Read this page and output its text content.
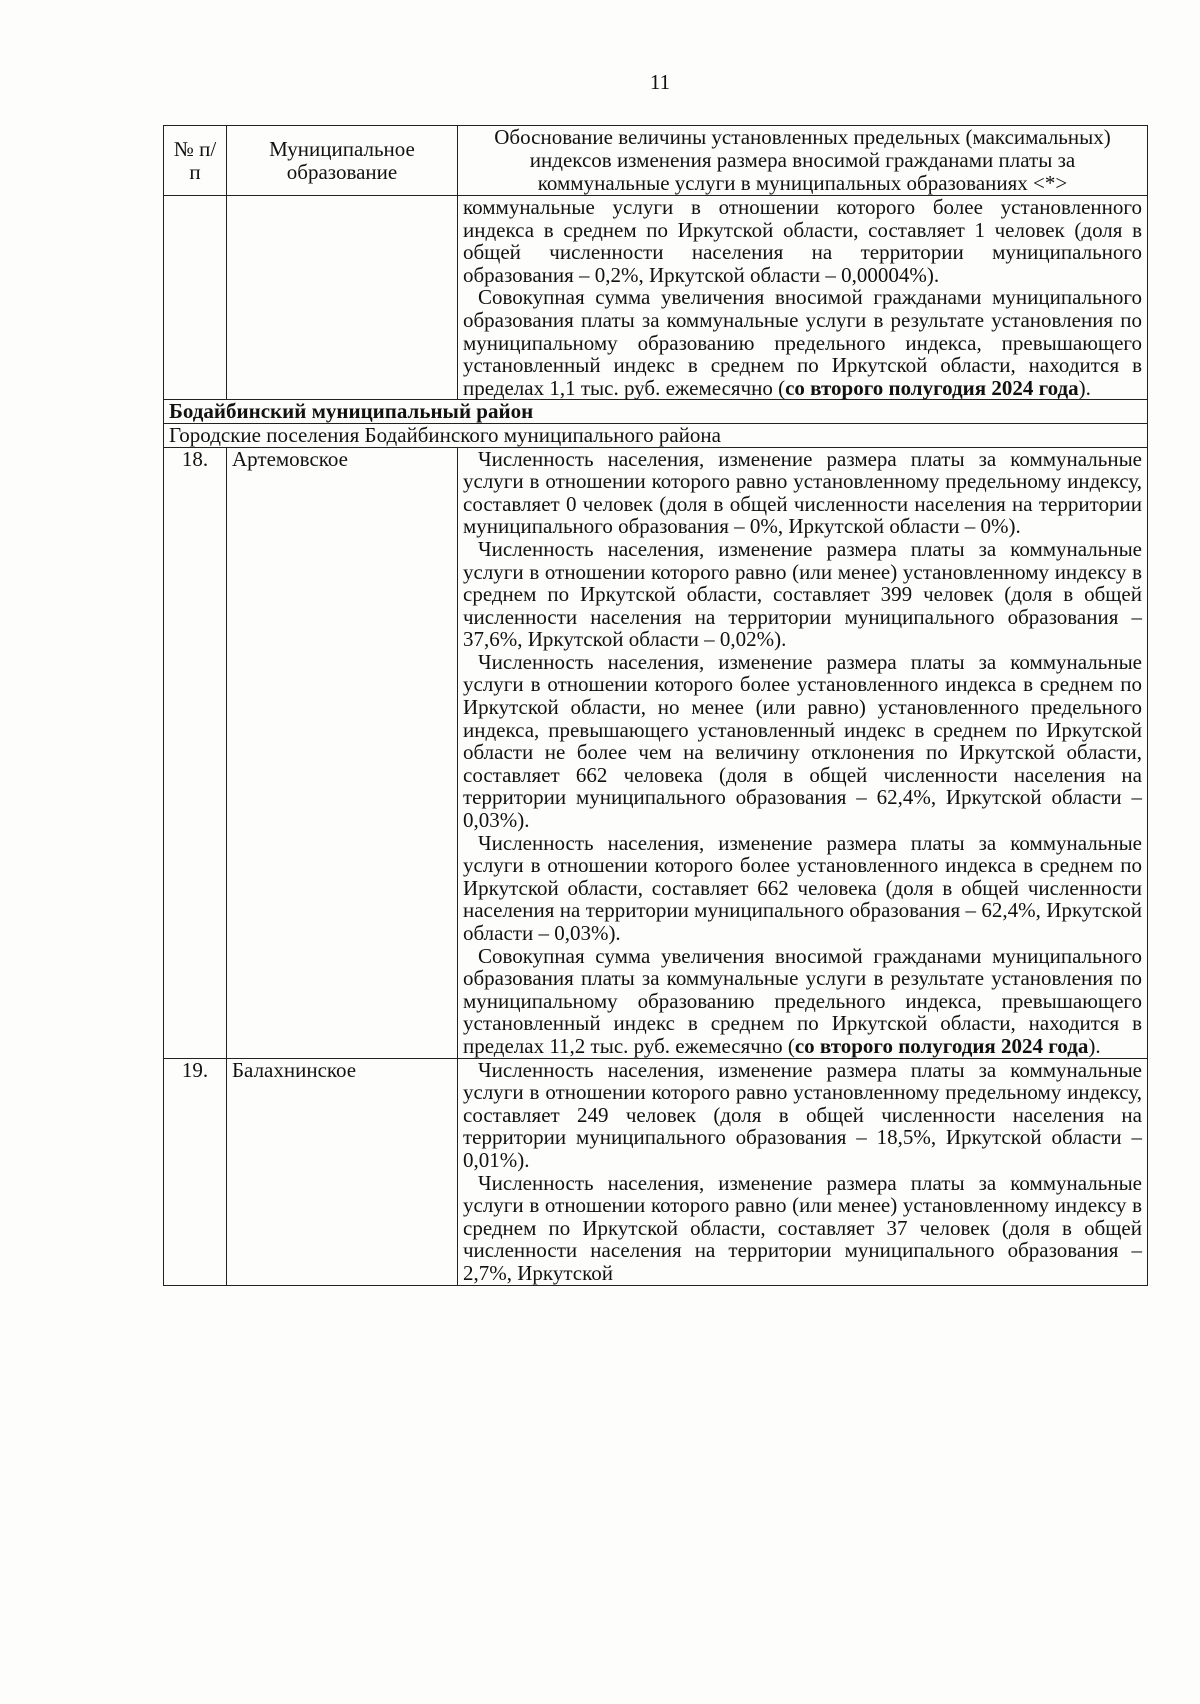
11
№ п/п	Муниципальное образование	Обоснование величины установленных предельных (максимальных) индексов изменения размера вносимой гражданами платы за коммунальные услуги в муниципальных образованиях <*>

		коммунальные услуги в отношении которого более установленного индекса в среднем по Иркутской области, составляет 1 человек (доля в общей численности населения на территории муниципального образования – 0,2%, Иркутской области – 0,00004%).

Совокупная сумма увеличения вносимой гражданами муниципального образования платы за коммунальные услуги в результате установления по муниципальному образованию предельного индекса, превышающего установленный индекс в среднем по Иркутской области, находится в пределах 1,1 тыс. руб. ежемесячно (со второго полугодия 2024 года).

Бодайбинский муниципальный район		
Городские поселения Бодайбинского муниципального района		
18.	Артемовское	Численность населения, изменение размера платы за коммунальные услуги в отношении которого равно установленному предельному индексу, составляет 0 человек (доля в общей численности населения на территории муниципального образования – 0%, Иркутской области – 0%).

Численность населения, изменение размера платы за коммунальные услуги в отношении которого равно (или менее) установленному индексу в среднем по Иркутской области, составляет 399 человек (доля в общей численности населения на территории муниципального образования – 37,6%, Иркутской области – 0,02%).

Численность населения, изменение размера платы за коммунальные услуги в отношении которого более установленного индекса в среднем по Иркутской области, но менее (или равно) установленного предельного индекса, превышающего установленный индекс в среднем по Иркутской области не более чем на величину отклонения по Иркутской области, составляет 662 человека (доля в общей численности населения на территории муниципального образования – 62,4%, Иркутской области – 0,03%).

Численность населения, изменение размера платы за коммунальные услуги в отношении которого более установленного индекса в среднем по Иркутской области, составляет 662 человека (доля в общей численности населения на территории муниципального образования – 62,4%, Иркутской области – 0,03%).

Совокупная сумма увеличения вносимой гражданами муниципального образования платы за коммунальные услуги в результате установления по муниципальному образованию предельного индекса, превышающего установленный индекс в среднем по Иркутской области, находится в пределах 11,2 тыс. руб. ежемесячно (со второго полугодия 2024 года).

19.	Балахнинское	Численность населения, изменение размера платы за коммунальные услуги в отношении которого равно установленному предельному индексу, составляет 249 человек (доля в общей численности населения на территории муниципального образования – 18,5%, Иркутской области – 0,01%).

Численность населения, изменение размера платы за коммунальные услуги в отношении которого равно (или менее) установленному индексу в среднем по Иркутской области, составляет 37 человек (доля в общей численности населения на территории муниципального образования – 2,7%, Иркутской
